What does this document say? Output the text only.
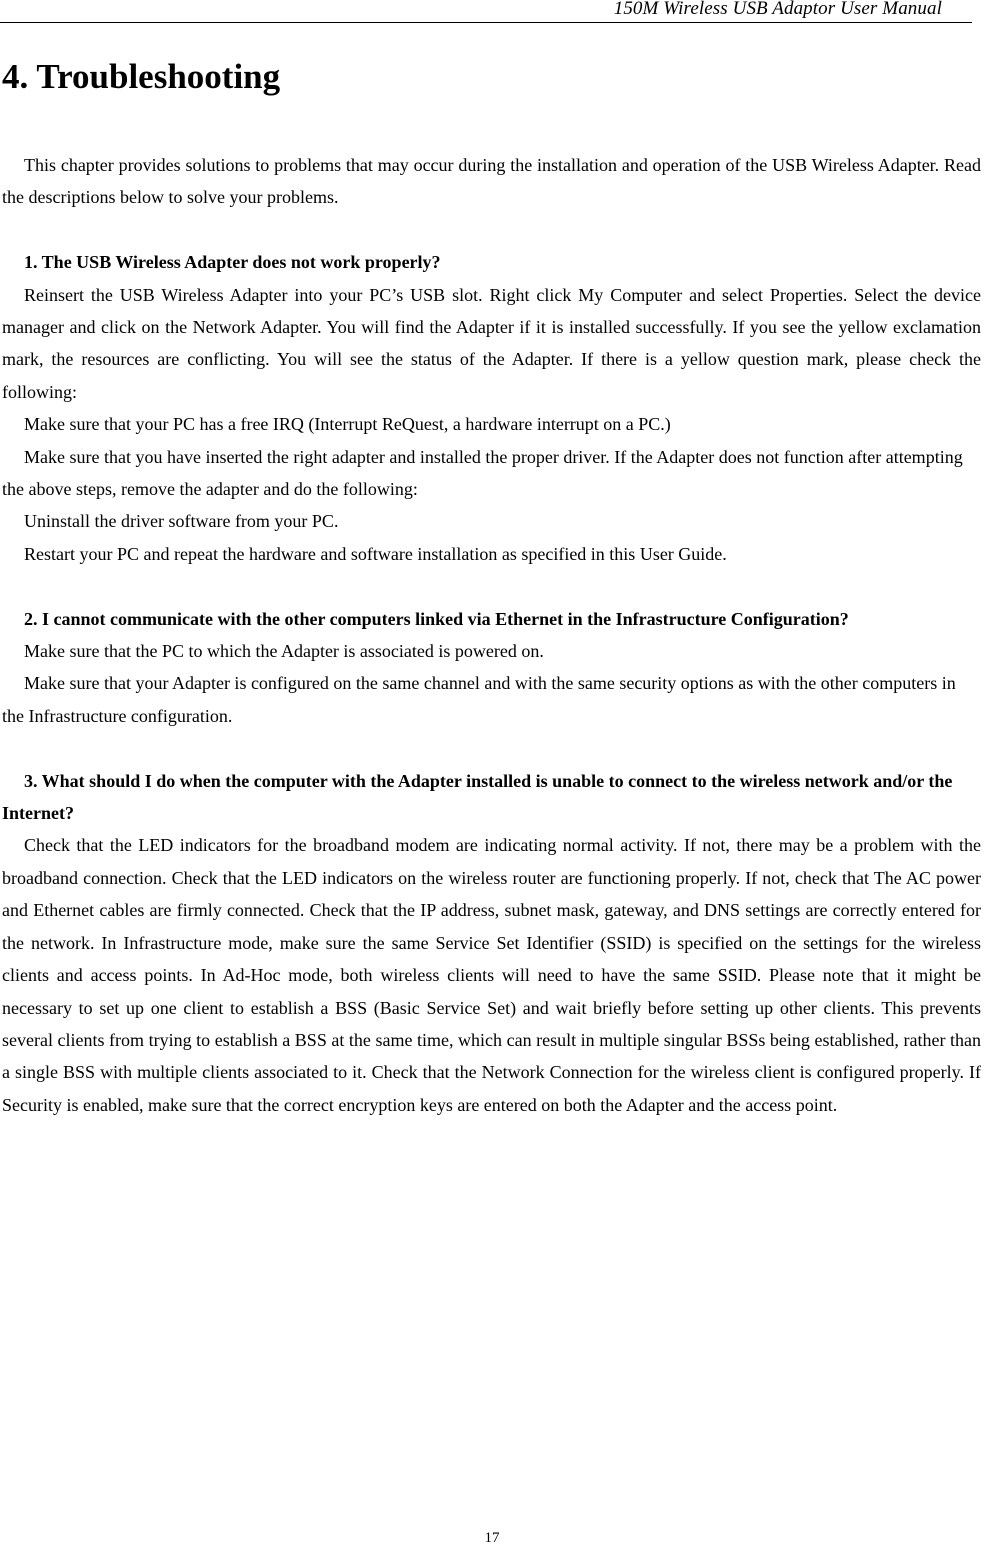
150M Wireless USB Adaptor User Manual
4. Troubleshooting

This chapter provides solutions to problems that may occur during the installation and operation of the USB Wireless Adapter. Read the descriptions below to solve your problems.

1. The USB Wireless Adapter does not work properly?

Reinsert the USB Wireless Adapter into your PC’s USB slot. Right click My Computer and select Properties. Select the device manager and click on the Network Adapter. You will find the Adapter if it is installed successfully. If you see the yellow exclamation mark, the resources are conflicting. You will see the status of the Adapter. If there is a yellow question mark, please check the following:

Make sure that your PC has a free IRQ (Interrupt ReQuest, a hardware interrupt on a PC.)

Make sure that you have inserted the right adapter and installed the proper driver. If the Adapter does not function after attempting the above steps, remove the adapter and do the following:

Uninstall the driver software from your PC.

Restart your PC and repeat the hardware and software installation as specified in this User Guide.

2. I cannot communicate with the other computers linked via Ethernet in the Infrastructure Configuration?

Make sure that the PC to which the Adapter is associated is powered on.

Make sure that your Adapter is configured on the same channel and with the same security options as with the other computers in the Infrastructure configuration.

3. What should I do when the computer with the Adapter installed is unable to connect to the wireless network and/or the Internet?

Check that the LED indicators for the broadband modem are indicating normal activity. If not, there may be a problem with the broadband connection. Check that the LED indicators on the wireless router are functioning properly. If not, check that The AC power and Ethernet cables are firmly connected. Check that the IP address, subnet mask, gateway, and DNS settings are correctly entered for the network. In Infrastructure mode, make sure the same Service Set Identifier (SSID) is specified on the settings for the wireless clients and access points. In Ad-Hoc mode, both wireless clients will need to have the same SSID. Please note that it might be necessary to set up one client to establish a BSS (Basic Service Set) and wait briefly before setting up other clients. This prevents several clients from trying to establish a BSS at the same time, which can result in multiple singular BSSs being established, rather than a single BSS with multiple clients associated to it. Check that the Network Connection for the wireless client is configured properly. If Security is enabled, make sure that the correct encryption keys are entered on both the Adapter and the access point.

17
